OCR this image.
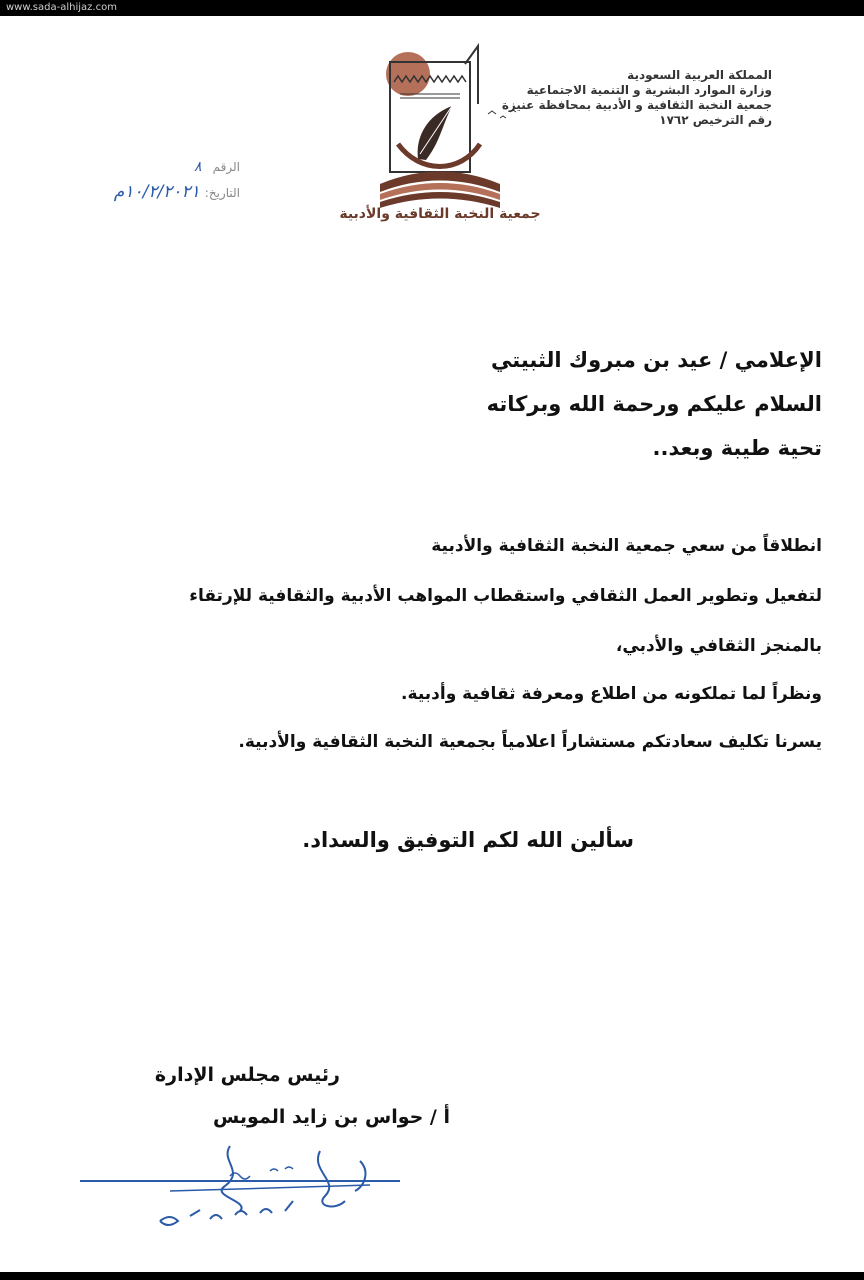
www.sada-alhijaz.com
المملكة العربية السعودية
وزارة الموارد البشرية و التنمية الاجتماعية
جمعية النخبة الثقافية و الأدبية بمحافظة عنيزة
رقم الترخيص ١٧٦٢
جمعية النخبة الثقافية والأدبية
الرقم ٨
التاريخ: ١٠/٢/٢٠٢١م
الإعلامي / عيد بن مبروك الثبيتي
السلام عليكم ورحمة الله وبركاته
تحية طيبة وبعد..
انطلاقاً من سعي جمعية النخبة الثقافية والأدبية
لتفعيل وتطوير العمل الثقافي واستقطاب المواهب الأدبية والثقافية للإرتقاء
بالمنجز الثقافي والأدبي،
ونظراً لما تملكونه من اطلاع ومعرفة ثقافية وأدبية.
يسرنا تكليف سعادتكم مستشاراً اعلامياً بجمعية النخبة الثقافية والأدبية.
سألين الله لكم التوفيق والسداد.
رئيس مجلس الإدارة
أ / حواس بن زايد المويس
